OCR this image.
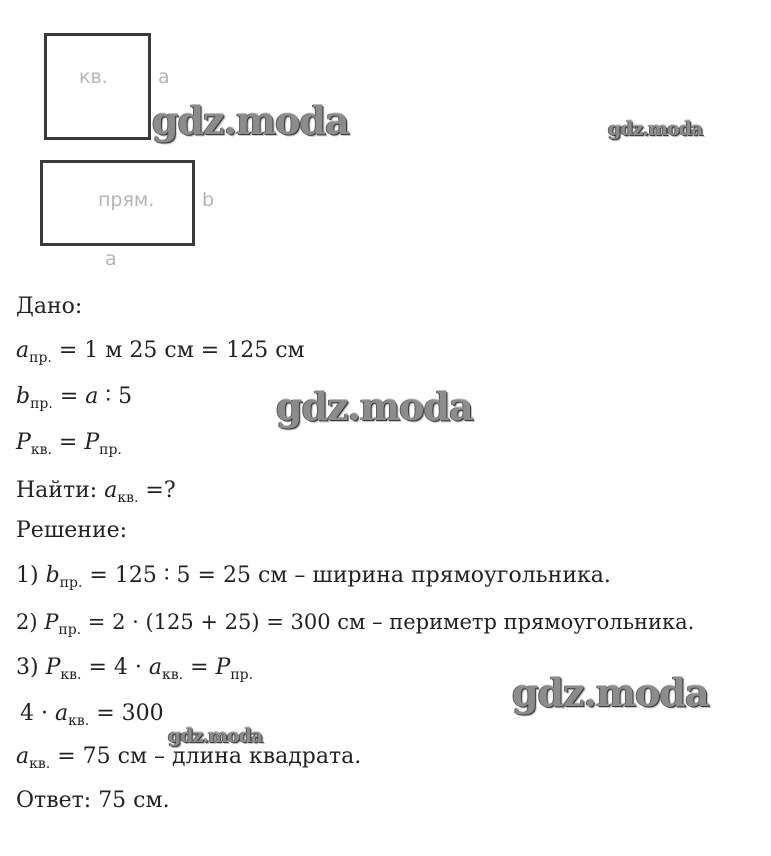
кв.	a
прям.	b
a
Дано:
$a_{пр.} = 1$ м 25 см = 125 см
$b_{пр.} = a$ ∶ 5
$P_{кв.} = P_{пр.}$
Найти: $a_{кв.}$ =?
Решение:
1) $b_{пр.} = 125$ ∶ 5 = 25 см – ширина прямоугольника.
2) $P_{пр.} = 2 \cdot (125 + 25) = 300$ см – периметр прямоугольника.
3) $P_{кв.} = 4 \cdot a_{кв.} = P_{пр.}$
$4 \cdot a_{кв.} = 300$
$a_{кв.} = 75$ см – длина квадрата.
Ответ: 75 см.
gdz.moda	gdz.moda
gdz.moda
gdz.moda
gdz.moda
